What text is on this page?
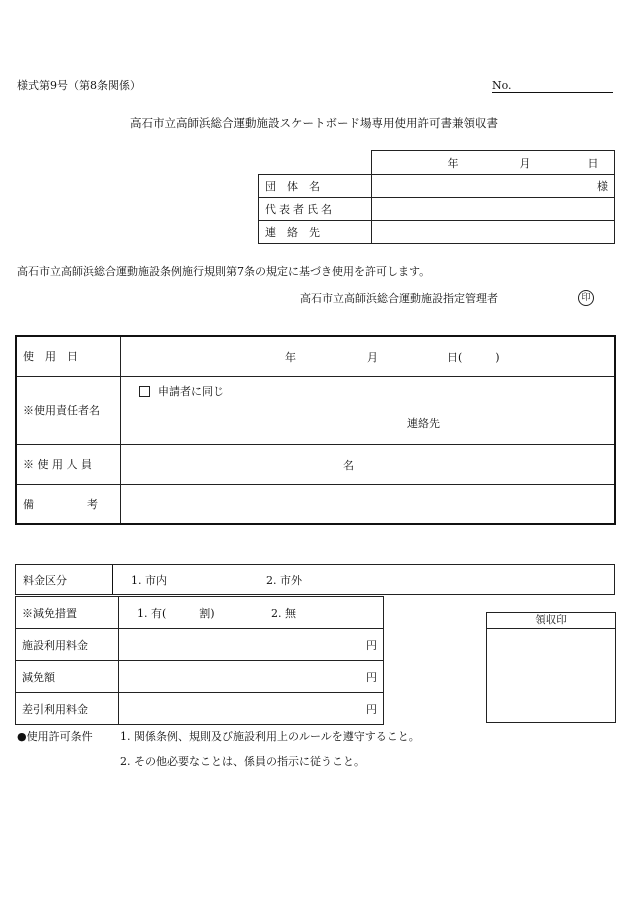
様式第9号（第8条関係）	No.
高石市立高師浜総合運動施設スケートボード場専用使用許可書兼領収書

	年 月 日

団　体　名	様
代表者氏名	
連　絡　先	
高石市立高師浜総合運動施設条例施行規則第7条の規定に基づき使用を許可します。
高石市立高師浜総合運動施設指定管理者	印
使　用　日	年 月 日(　　　)

※使用責任者名	申請者に同じ
連絡先

※ 使 用 人 員	名

備　　　考	
料金区分	1. 市内	2. 市外
※減免措置	1. 有(　　　割) 2. 無

施設利用料金	円
減免額	円
差引利用料金	円
領収印
●使用許可条件 1. 関係条例、規則及び施設利用上のルールを遵守すること。
2. その他必要なことは、係員の指示に従うこと。
